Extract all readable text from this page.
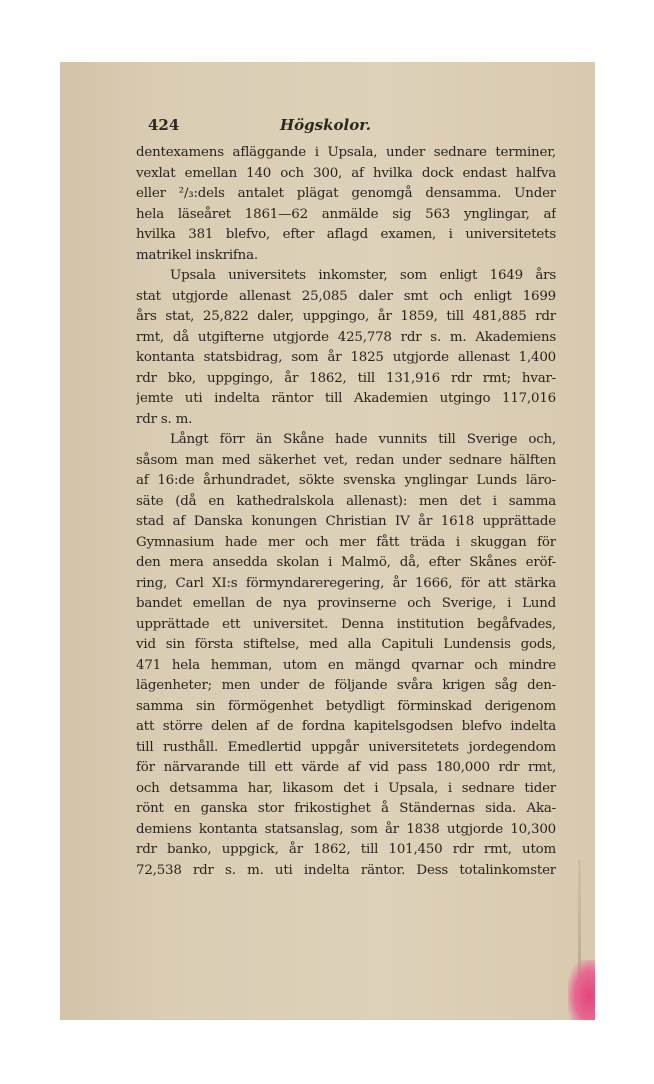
424	Högskolor.
dentexamens afläggande i Upsala, under sednare terminer,
vexlat emellan 140 och 300, af hvilka dock endast halfva
eller ²/₃:dels antalet plägat genomgå densamma. Under
hela läseåret 1861—62 anmälde sig 563 ynglingar, af
hvilka 381 blefvo, efter aflagd examen, i universitetets
matrikel inskrifna.
Upsala universitets inkomster, som enligt 1649 års
stat utgjorde allenast 25,085 daler smt och enligt 1699
års stat, 25,822 daler, uppgingo, år 1859, till 481,885 rdr
rmt, då utgifterne utgjorde 425,778 rdr s. m. Akademiens
kontanta statsbidrag, som år 1825 utgjorde allenast 1,400
rdr bko, uppgingo, år 1862, till 131,916 rdr rmt; hvar-
jemte uti indelta räntor till Akademien utgingo 117,016
rdr s. m.
Långt förr än Skåne hade vunnits till Sverige och,
såsom man med säkerhet vet, redan under sednare hälften
af 16:de århundradet, sökte svenska ynglingar Lunds läro-
säte (då en kathedralskola allenast): men det i samma
stad af Danska konungen Christian IV år 1618 upprättade
Gymnasium hade mer och mer fått träda i skuggan för
den mera ansedda skolan i Malmö, då, efter Skånes eröf-
ring, Carl XI:s förmyndareregering, år 1666, för att stärka
bandet emellan de nya provinserne och Sverige, i Lund
upprättade ett universitet. Denna institution begåfvades,
vid sin första stiftelse, med alla Capituli Lundensis gods,
471 hela hemman, utom en mängd qvarnar och mindre
lägenheter; men under de följande svåra krigen såg den-
samma sin förmögenhet betydligt förminskad derigenom
att större delen af de fordna kapitelsgodsen blefvo indelta
till rusthåll. Emedlertid uppgår universitetets jordegendom
för närvarande till ett värde af vid pass 180,000 rdr rmt,
och detsamma har, likasom det i Upsala, i sednare tider
rönt en ganska stor frikostighet å Ständernas sida. Aka-
demiens kontanta statsanslag, som år 1838 utgjorde 10,300
rdr banko, uppgick, år 1862, till 101,450 rdr rmt, utom
72,538 rdr s. m. uti indelta räntor. Dess totalinkomster
